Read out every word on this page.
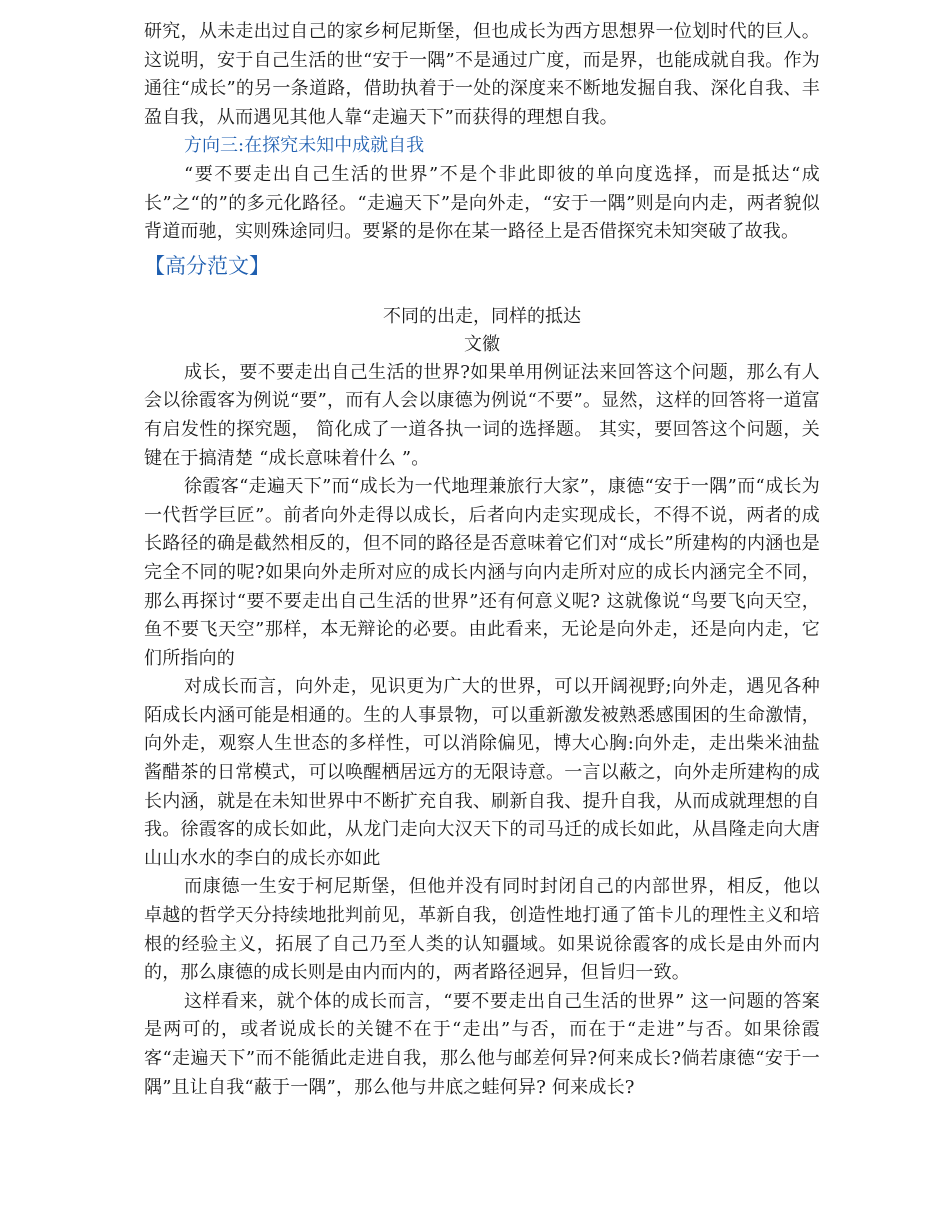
研究，从未走出过自己的家乡柯尼斯堡，但也成长为西方思想界一位划时代的巨人。这说明，安于自己生活的世“安于一隅”不是通过广度，而是界，也能成就自我。作为通往“成长”的另一条道路，借助执着于一处的深度来不断地发掘自我、深化自我、丰盈自我，从而遇见其他人靠“走遍天下”而获得的理想自我。

方向三:在探究未知中成就自我

“要不要走出自己生活的世界”不是个非此即彼的单向度选择，而是抵达“成长”之“的”的多元化路径。“走遍天下”是向外走，“安于一隅”则是向内走，两者貌似背道而驰，实则殊途同归。要紧的是你在某一路径上是否借探究未知突破了故我。

【高分范文】
不同的出走，同样的抵达
文徽

成长，要不要走出自己生活的世界?如果单用例证法来回答这个问题，那么有人会以徐霞客为例说“要”，而有人会以康德为例说“不要”。显然，这样的回答将一道富有启发性的探究题， 简化成了一道各执一词的选择题。 其实，要回答这个问题，关键在于搞清楚 “成长意味着什么 ”。

徐霞客“走遍天下”而“成长为一代地理兼旅行大家”，康德“安于一隅”而“成长为一代哲学巨匠”。前者向外走得以成长，后者向内走实现成长，不得不说，两者的成长路径的确是截然相反的，但不同的路径是否意味着它们对“成长”所建构的内涵也是完全不同的呢?如果向外走所对应的成长内涵与向内走所对应的成长内涵完全不同，那么再探讨“要不要走出自己生活的世界”还有何意义呢? 这就像说“鸟要飞向天空，鱼不要飞天空”那样，本无辩论的必要。由此看来，无论是向外走，还是向内走，它们所指向的

对成长而言，向外走，见识更为广大的世界，可以开阔视野;向外走，遇见各种陌成长内涵可能是相通的。生的人事景物，可以重新激发被熟悉感围困的生命激情，向外走，观察人生世态的多样性，可以消除偏见，博大心胸:向外走，走出柴米油盐酱醋茶的日常模式，可以唤醒栖居远方的无限诗意。一言以蔽之，向外走所建构的成长内涵，就是在未知世界中不断扩充自我、刷新自我、提升自我，从而成就理想的自我。徐霞客的成长如此，从龙门走向大汉天下的司马迁的成长如此，从昌隆走向大唐山山水水的李白的成长亦如此

而康德一生安于柯尼斯堡，但他并没有同时封闭自己的内部世界，相反，他以卓越的哲学天分持续地批判前见，革新自我，创造性地打通了笛卡儿的理性主义和培根的经验主义，拓展了自己乃至人类的认知疆域。如果说徐霞客的成长是由外而内的，那么康德的成长则是由内而内的，两者路径迥异，但旨归一致。

这样看来，就个体的成长而言，“要不要走出自己生活的世界” 这一问题的答案是两可的，或者说成长的关键不在于“走出”与否，而在于“走进”与否。如果徐霞客“走遍天下”而不能循此走进自我，那么他与邮差何异?何来成长?倘若康德“安于一隅”且让自我“蔽于一隅”，那么他与井底之蛙何异? 何来成长?
